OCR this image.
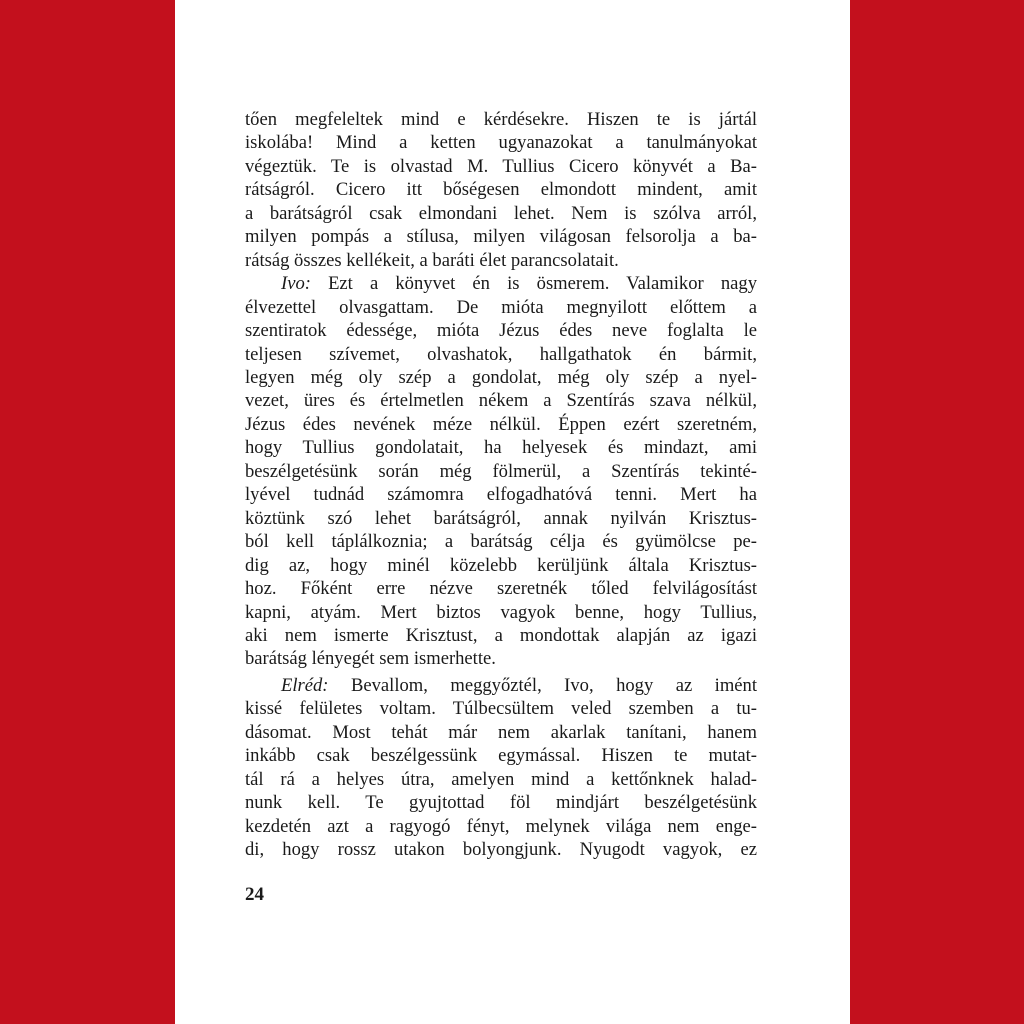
tően megfeleltek mind e kérdésekre. Hiszen te is jártál
iskolába! Mind a ketten ugyanazokat a tanulmányokat
végeztük. Te is olvastad M. Tullius Cicero könyvét a Ba-
rátságról. Cicero itt bőségesen elmondott mindent, amit
a barátságról csak elmondani lehet. Nem is szólva arról,
milyen pompás a stílusa, milyen világosan felsorolja a ba-
rátság összes kellékeit, a baráti élet parancsolatait.
Ivo: Ezt a könyvet én is ösmerem. Valamikor nagy
élvezettel olvasgattam. De mióta megnyilott előttem a
szentiratok édessége, mióta Jézus édes neve foglalta le
teljesen szívemet, olvashatok, hallgathatok én bármit,
legyen még oly szép a gondolat, még oly szép a nyel-
vezet, üres és értelmetlen nékem a Szentírás szava nélkül,
Jézus édes nevének méze nélkül. Éppen ezért szeretném,
hogy Tullius gondolatait, ha helyesek és mindazt, ami
beszélgetésünk során még fölmerül, a Szentírás tekinté-
lyével tudnád számomra elfogadhatóvá tenni. Mert ha
köztünk szó lehet barátságról, annak nyilván Krisztus-
ból kell táplálkoznia; a barátság célja és gyümölcse pe-
dig az, hogy minél közelebb kerüljünk általa Krisztus-
hoz. Főként erre nézve szeretnék tőled felvilágosítást
kapni, atyám. Mert biztos vagyok benne, hogy Tullius,
aki nem ismerte Krisztust, a mondottak alapján az igazi
barátság lényegét sem ismerhette.
Elréd: Bevallom, meggyőztél, Ivo, hogy az imént
kissé felületes voltam. Túlbecsültem veled szemben a tu-
dásomat. Most tehát már nem akarlak tanítani, hanem
inkább csak beszélgessünk egymással. Hiszen te mutat-
tál rá a helyes útra, amelyen mind a kettőnknek halad-
nunk kell. Te gyujtottad föl mindjárt beszélgetésünk
kezdetén azt a ragyogó fényt, melynek világa nem enge-
di, hogy rossz utakon bolyongjunk. Nyugodt vagyok, ez
24
